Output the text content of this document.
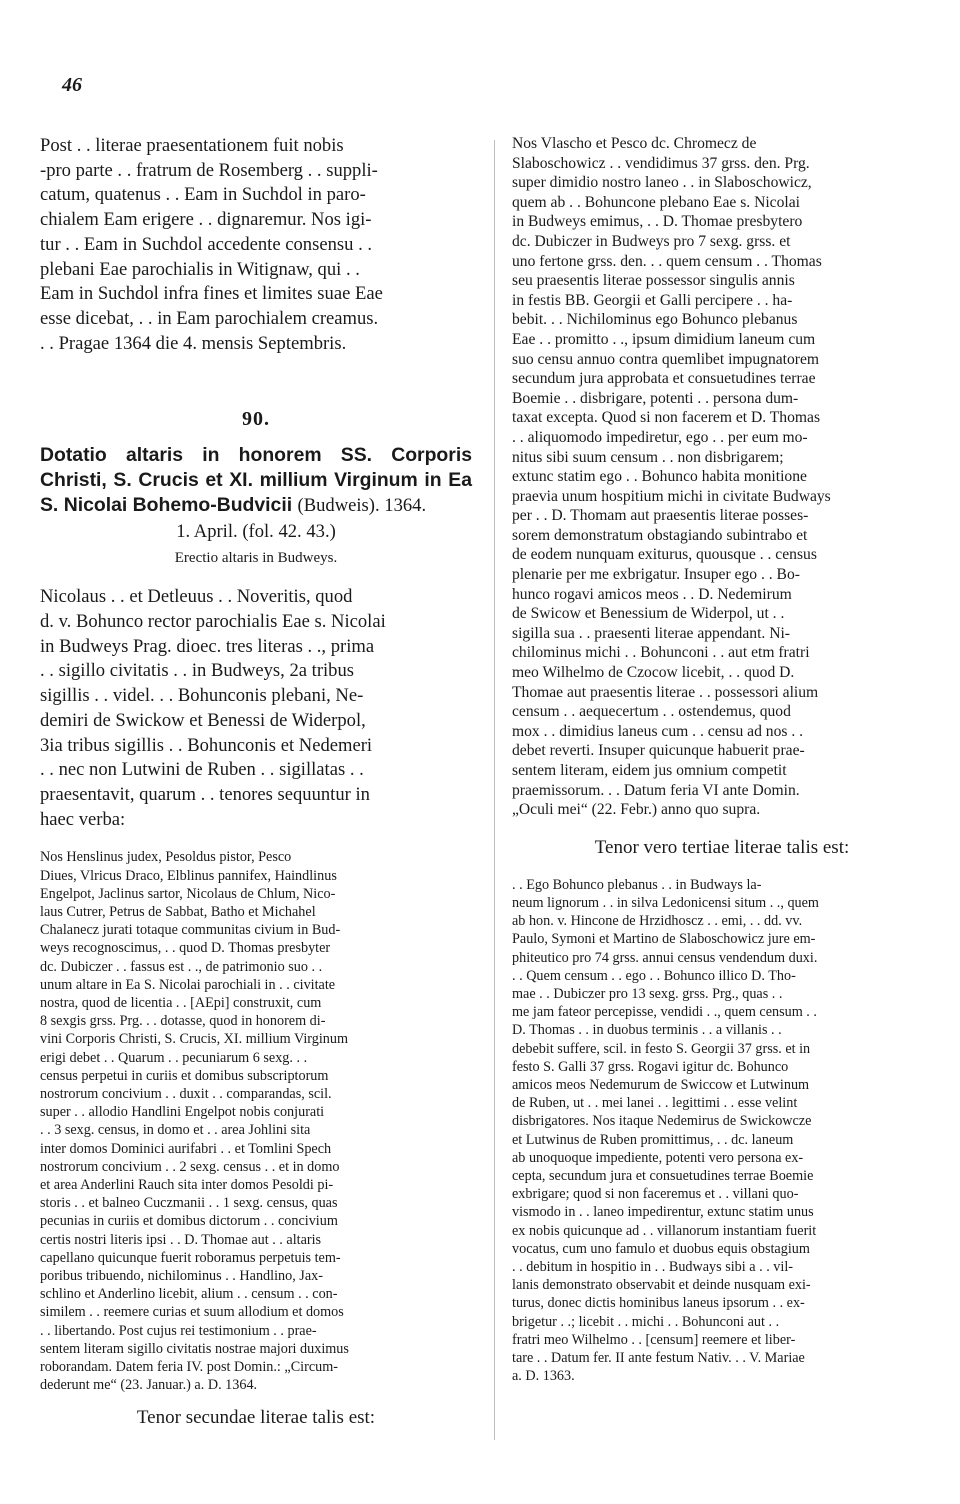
46

Post . . literae praesentationem fuit nobis
-pro parte . . fratrum de Rosemberg . . suppli-
catum, quatenus . . Eam in Suchdol in paro-
chialem Eam erigere . . dignaremur. Nos igi-
tur . . Eam in Suchdol accedente consensu . .
plebani Eae parochialis in Witignaw, qui . .
Eam in Suchdol infra fines et limites suae Eae
esse dicebat, . . in Eam parochialem creamus.
. . Pragae 1364 die 4. mensis Septembris.

90.

Dotatio altaris in honorem SS. Corporis Christi, S. Crucis et XI. millium Virginum in Ea S. Nicolai Bohemo-Budvicii (Budweis). 1364.

1. April. (fol. 42. 43.)
Erectio altaris in Budweys.

Nicolaus . . et Detleuus . . Noveritis, quod
d. v. Bohunco rector parochialis Eae s. Nicolai
in Budweys Prag. dioec. tres literas . ., prima
. . sigillo civitatis . . in Budweys, 2a tribus
sigillis . . videl. . . Bohunconis plebani, Ne-
demiri de Swickow et Benessi de Widerpol,
3ia tribus sigillis . . Bohunconis et Nedemeri
. . nec non Lutwini de Ruben . . sigillatas . .
praesentavit, quarum . . tenores sequuntur in
haec verba:

Nos Henslinus judex, Pesoldus pistor, Pesco
Diues, Vlricus Draco, Elblinus pannifex, Haindlinus
Engelpot, Jaclinus sartor, Nicolaus de Chlum, Nico-
laus Cutrer, Petrus de Sabbat, Batho et Michahel
Chalanecz jurati totaque communitas civium in Bud-
weys recognoscimus, . . quod D. Thomas presbyter
dc. Dubiczer . . fassus est . ., de patrimonio suo . .
unum altare in Ea S. Nicolai parochiali in . . civitate
nostra, quod de licentia . . [AEpi] construxit, cum
8 sexgis grss. Prg. . . dotasse, quod in honorem di-
vini Corporis Christi, S. Crucis, XI. millium Virginum
erigi debet . . Quarum . . pecuniarum 6 sexg. . .
census perpetui in curiis et domibus subscriptorum
nostrorum concivium . . duxit . . comparandas, scil.
super . . allodio Handlini Engelpot nobis conjurati
. . 3 sexg. census, in domo et . . area Johlini sita
inter domos Dominici aurifabri . . et Tomlini Spech
nostrorum concivium . . 2 sexg. census . . et in domo
et area Anderlini Rauch sita inter domos Pesoldi pi-
storis . . et balneo Cuczmanii . . 1 sexg. census, quas
pecunias in curiis et domibus dictorum . . concivium
certis nostri literis ipsi . . D. Thomae aut . . altaris
capellano quicunque fuerit roboramus perpetuis tem-
poribus tribuendo, nichilominus . . Handlino, Jax-
schlino et Anderlino licebit, alium . . censum . . con-
similem . . reemere curias et suum allodium et domos
. . libertando. Post cujus rei testimonium . . prae-
sentem literam sigillo civitatis nostrae majori duximus
roborandam. Datem feria IV. post Domin.: „Circum-
dederunt me“ (23. Januar.) a. D. 1364.

Tenor secundae literae talis est:

Nos Vlascho et Pesco dc. Chromecz de
Slaboschowicz . . vendidimus 37 grss. den. Prg.
super dimidio nostro laneo . . in Slaboschowicz,
quem ab . . Bohuncone plebano Eae s. Nicolai
in Budweys emimus, . . D. Thomae presbytero
dc. Dubiczer in Budweys pro 7 sexg. grss. et
uno fertone grss. den. . . quem censum . . Thomas
seu praesentis literae possessor singulis annis
in festis BB. Georgii et Galli percipere . . ha-
bebit. . . Nichilominus ego Bohunco plebanus
Eae . . promitto . ., ipsum dimidium laneum cum
suo censu annuo contra quemlibet impugnatorem
secundum jura approbata et consuetudines terrae
Boemie . . disbrigare, potenti . . persona dum-
taxat excepta. Quod si non facerem et D. Thomas
. . aliquomodo impediretur, ego . . per eum mo-
nitus sibi suum censum . . non disbrigarem;
extunc statim ego . . Bohunco habita monitione
praevia unum hospitium michi in civitate Budways
per . . D. Thomam aut praesentis literae posses-
sorem demonstratum obstagiando subintrabo et
de eodem nunquam exiturus, quousque . . census
plenarie per me exbrigatur. Insuper ego . . Bo-
hunco rogavi amicos meos . . D. Nedemirum
de Swicow et Benessium de Widerpol, ut . .
sigilla sua . . praesenti literae appendant. Ni-
chilominus michi . . Bohunconi . . aut etm fratri
meo Wilhelmo de Czocow licebit, . . quod D.
Thomae aut praesentis literae . . possessori alium
censum . . aequecertum . . ostendemus, quod
mox . . dimidius laneus cum . . censu ad nos . .
debet reverti. Insuper quicunque habuerit prae-
sentem literam, eidem jus omnium competit
praemissorum. . . Datum feria VI ante Domin.
„Oculi mei“ (22. Febr.) anno quo supra.

Tenor vero tertiae literae talis est:

. . Ego Bohunco plebanus . . in Budways la-
neum lignorum . . in silva Ledonicensi situm . ., quem
ab hon. v. Hincone de Hrzidhoscz . . emi, . . dd. vv.
Paulo, Symoni et Martino de Slaboschowicz jure em-
phiteutico pro 74 grss. annui census vendendum duxi.
. . Quem censum . . ego . . Bohunco illico D. Tho-
mae . . Dubiczer pro 13 sexg. grss. Prg., quas . .
me jam fateor percepisse, vendidi . ., quem censum . .
D. Thomas . . in duobus terminis . . a villanis . .
debebit suffere, scil. in festo S. Georgii 37 grss. et in
festo S. Galli 37 grss. Rogavi igitur dc. Bohunco
amicos meos Nedemurum de Swiccow et Lutwinum
de Ruben, ut . . mei lanei . . legittimi . . esse velint
disbrigatores. Nos itaque Nedemirus de Swickowcze
et Lutwinus de Ruben promittimus, . . dc. laneum
ab unoquoque impediente, potenti vero persona ex-
cepta, secundum jura et consuetudines terrae Boemie
exbrigare; quod si non faceremus et . . villani quo-
vismodo in . . laneo impedirentur, extunc statim unus
ex nobis quicunque ad . . villanorum instantiam fuerit
vocatus, cum uno famulo et duobus equis obstagium
. . debitum in hospitio in . . Budways sibi a . . vil-
lanis demonstrato observabit et deinde nusquam exi-
turus, donec dictis hominibus laneus ipsorum . . ex-
brigetur . .; licebit . . michi . . Bohunconi aut . .
fratri meo Wilhelmo . . [censum] reemere et liber-
tare . . Datum fer. II ante festum Nativ. . . V. Mariae
a. D. 1363.
